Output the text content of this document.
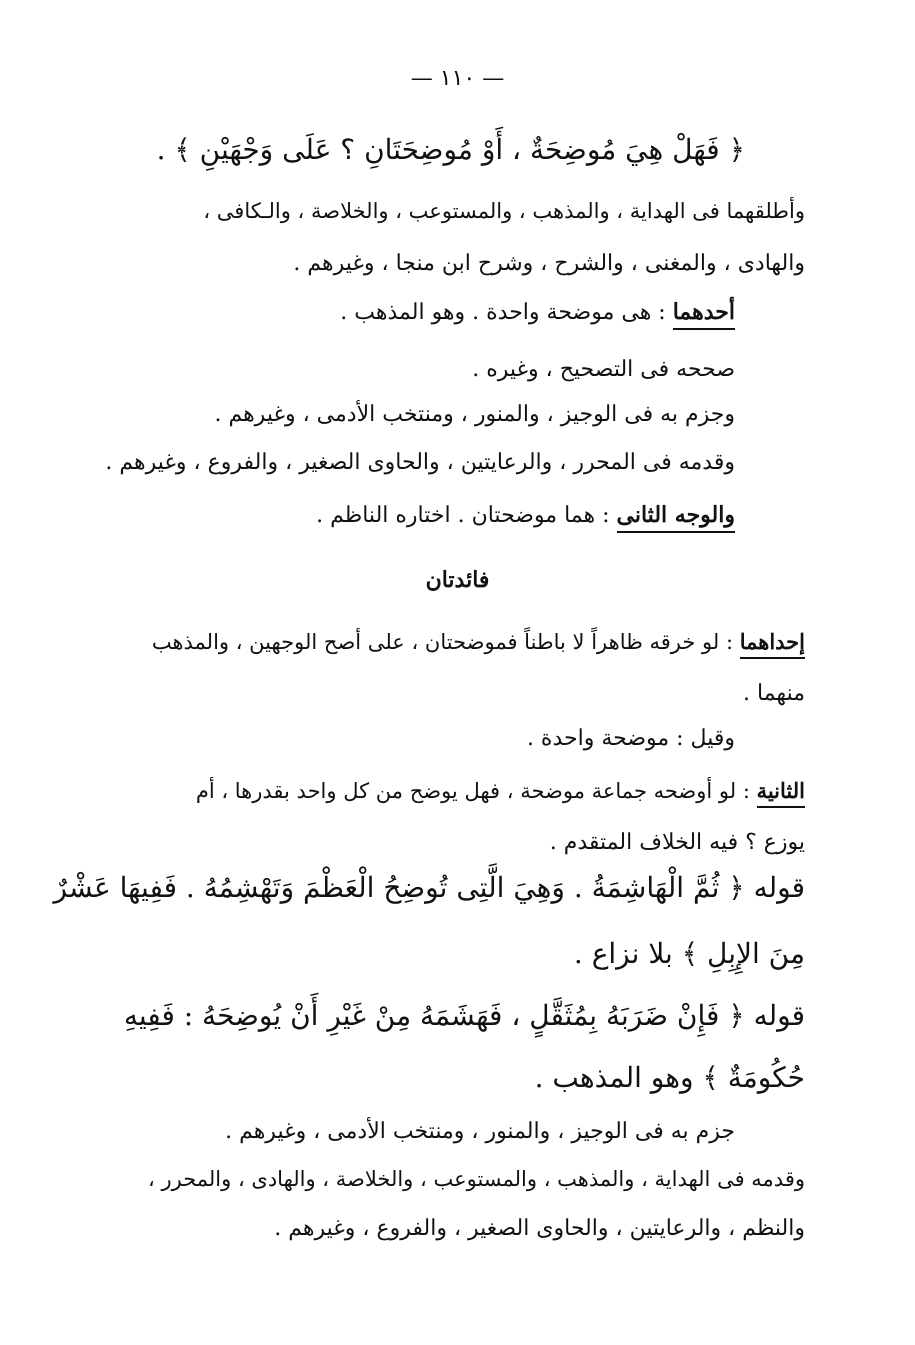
— ١١٠ —
﴿ فَهَلْ هِيَ مُوضِحَةٌ ، أَوْ مُوضِحَتَانِ ؟ عَلَى وَجْهَيْنِ ﴾ .
وأطلقهما فى الهداية ، والمذهب ، والمستوعب ، والخلاصة ، والـكافى ،
والهادى ، والمغنى ، والشرح ، وشرح ابن منجا ، وغيرهم .
أحدهما : هى موضحة واحدة . وهو المذهب .
صححه فى التصحيح ، وغيره .
وجزم به فى الوجيز ، والمنور ، ومنتخب الأدمى ، وغيرهم .
وقدمه فى المحرر ، والرعايتين ، والحاوى الصغير ، والفروع ، وغيرهم .
والوجه الثانى : هما موضحتان . اختاره الناظم .
فائدتان
إحداهما : لو خرقه ظاهراً لا باطناً فموضحتان ، على أصح الوجهين ، والمذهب
منهما .
وقيل : موضحة واحدة .
الثانية : لو أوضحه جماعة موضحة ، فهل يوضح من كل واحد بقدرها ، أم
يوزع ؟ فيه الخلاف المتقدم .
قوله ﴿ ثُمَّ الْهَاشِمَةُ . وَهِيَ الَّتِى تُوضِحُ الْعَظْمَ وَتَهْشِمُهُ . فَفِيهَا عَشْرٌ
مِنَ الإِبِلِ ﴾ بلا نزاع .
قوله ﴿ فَإِنْ ضَرَبَهُ بِمُثَقَّلٍ ، فَهَشَمَهُ مِنْ غَيْرِ أَنْ يُوضِحَهُ : فَفِيهِ
حُكُومَةٌ ﴾ وهو المذهب .
جزم به فى الوجيز ، والمنور ، ومنتخب الأدمى ، وغيرهم .
وقدمه فى الهداية ، والمذهب ، والمستوعب ، والخلاصة ، والهادى ، والمحرر ،
والنظم ، والرعايتين ، والحاوى الصغير ، والفروع ، وغيرهم .
